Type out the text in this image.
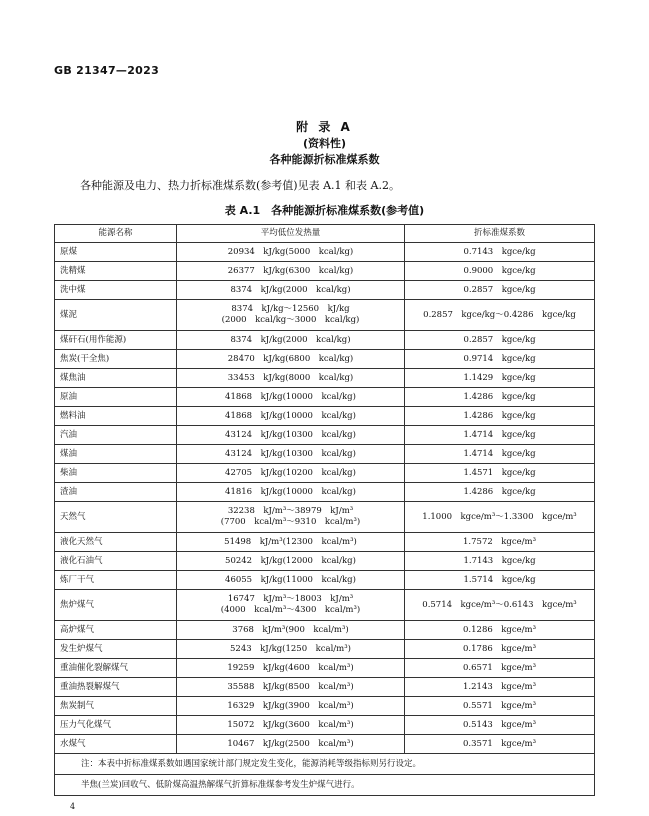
GB 21347—2023
附 录 A
(资料性)
各种能源折标准煤系数
各种能源及电力、热力折标准煤系数(参考值)见表 A.1 和表 A.2。
表 A.1　各种能源折标准煤系数(参考值)
能源名称	平均低位发热量	折标准煤系数
原煤	20934　kJ/kg(5000　kcal/kg)	0.7143　kgce/kg

洗精煤	26377　kJ/kg(6300　kcal/kg)	0.9000　kgce/kg

洗中煤	8374　kJ/kg(2000　kcal/kg)	0.2857　kgce/kg

煤泥	8374　kJ/kg～12560　kJ/kg
(2000　kcal/kg～3000　kcal/kg)	0.2857　kgce/kg～0.4286　kgce/kg

煤矸石(用作能源)	8374　kJ/kg(2000　kcal/kg)	0.2857　kgce/kg

焦炭(干全焦)	28470　kJ/kg(6800　kcal/kg)	0.9714　kgce/kg

煤焦油	33453　kJ/kg(8000　kcal/kg)	1.1429　kgce/kg

原油	41868　kJ/kg(10000　kcal/kg)	1.4286　kgce/kg

燃料油	41868　kJ/kg(10000　kcal/kg)	1.4286　kgce/kg

汽油	43124　kJ/kg(10300　kcal/kg)	1.4714　kgce/kg

煤油	43124　kJ/kg(10300　kcal/kg)	1.4714　kgce/kg

柴油	42705　kJ/kg(10200　kcal/kg)	1.4571　kgce/kg

渣油	41816　kJ/kg(10000　kcal/kg)	1.4286　kgce/kg

天然气	32238　kJ/m³～38979　kJ/m³
(7700　kcal/m³～9310　kcal/m³)	1.1000　kgce/m³～1.3300　kgce/m³

液化天然气	51498　kJ/m³(12300　kcal/m³)	1.7572　kgce/m³

液化石油气	50242　kJ/kg(12000　kcal/kg)	1.7143　kgce/kg

炼厂干气	46055　kJ/kg(11000　kcal/kg)	1.5714　kgce/kg

焦炉煤气	16747　kJ/m³～18003　kJ/m³
(4000　kcal/m³～4300　kcal/m³)	0.5714　kgce/m³～0.6143　kgce/m³

高炉煤气	3768　kJ/m³(900　kcal/m³)	0.1286　kgce/m³

发生炉煤气	5243　kJ/kg(1250　kcal/m³)	0.1786　kgce/m³

重油催化裂解煤气	19259　kJ/kg(4600　kcal/m³)	0.6571　kgce/m³

重油热裂解煤气	35588　kJ/kg(8500　kcal/m³)	1.2143　kgce/m³

焦炭制气	16329　kJ/kg(3900　kcal/m³)	0.5571　kgce/m³

压力气化煤气	15072　kJ/kg(3600　kcal/m³)	0.5143　kgce/m³

水煤气	10467　kJ/kg(2500　kcal/m³)	0.3571　kgce/m³

注：本表中折标准煤系数如遇国家统计部门规定发生变化，能源消耗等级指标则另行设定。		
半焦(兰炭)回收气、低阶煤高温热解煤气折算标准煤参考发生炉煤气进行。		
4
